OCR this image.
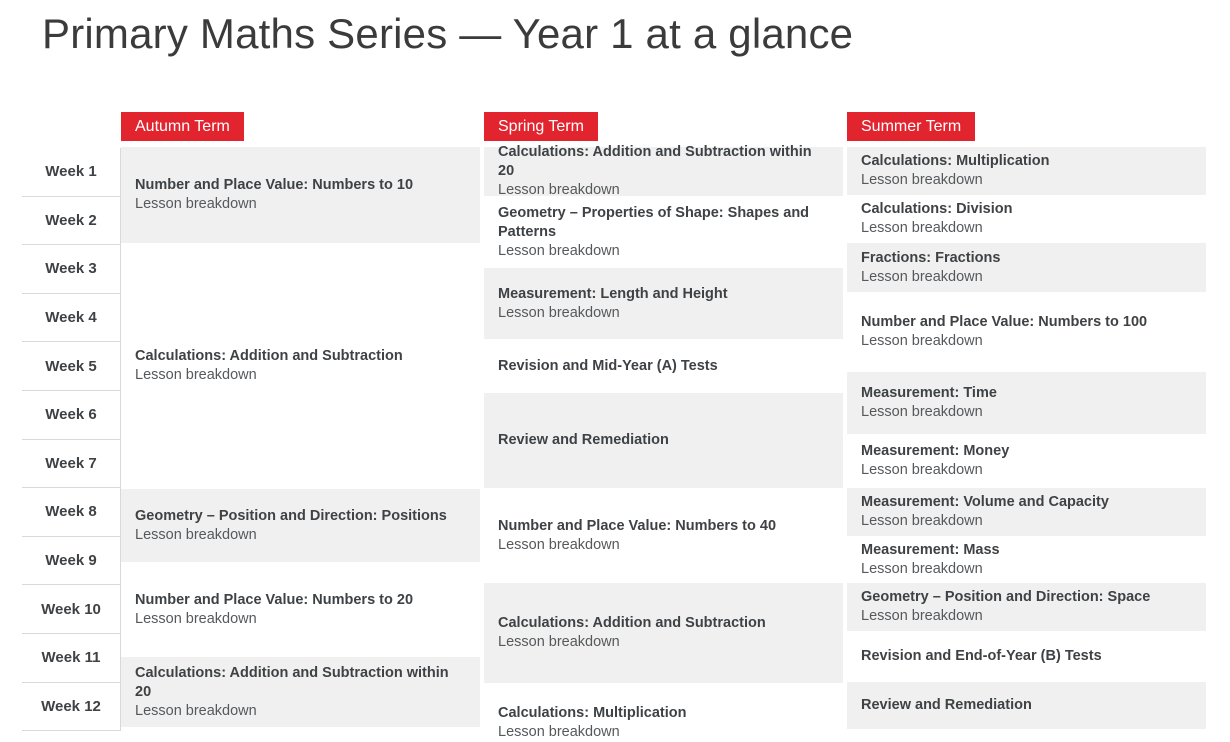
Primary Maths Series — Year 1 at a glance
Week 1
Week 2
Week 3
Week 4
Week 5
Week 6
Week 7
Week 8
Week 9
Week 10
Week 11
Week 12
Autumn Term
Number and Place Value: Numbers to 10
Lesson breakdown
Calculations: Addition and Subtraction
Lesson breakdown
Geometry – Position and Direction: Positions
Lesson breakdown
Number and Place Value: Numbers to 20
Lesson breakdown
Calculations: Addition and Subtraction within 20
Lesson breakdown
Spring Term
Calculations: Addition and Subtraction within 20
Lesson breakdown
Geometry – Properties of Shape: Shapes and Patterns
Lesson breakdown
Measurement: Length and Height
Lesson breakdown
Revision and Mid-Year (A) Tests
Review and Remediation
Number and Place Value: Numbers to 40
Lesson breakdown
Calculations: Addition and Subtraction
Lesson breakdown
Calculations: Multiplication
Lesson breakdown
Summer Term
Calculations: Multiplication
Lesson breakdown
Calculations: Division
Lesson breakdown
Fractions: Fractions
Lesson breakdown
Number and Place Value: Numbers to 100
Lesson breakdown
Measurement: Time
Lesson breakdown
Measurement: Money
Lesson breakdown
Measurement: Volume and Capacity
Lesson breakdown
Measurement: Mass
Lesson breakdown
Geometry – Position and Direction: Space
Lesson breakdown
Revision and End-of-Year (B) Tests
Review and Remediation
